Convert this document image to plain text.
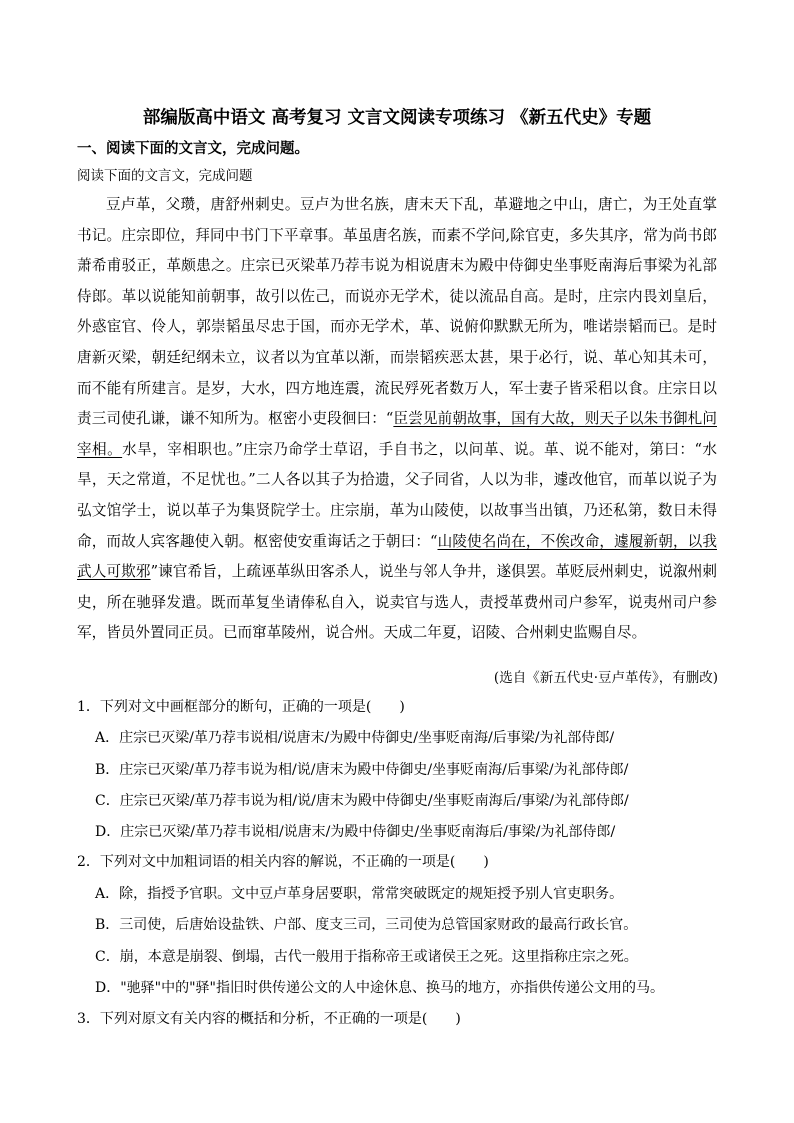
部编版高中语文 高考复习 文言文阅读专项练习 《新五代史》专题
一、阅读下面的文言文，完成问题。
阅读下面的文言文，完成问题

豆卢革，父瓒，唐舒州刺史。豆卢为世名族，唐末天下乱，革避地之中山，唐亡，为王处直掌书记。庄宗即位，拜同中书门下平章事。革虽唐名族，而素不学问,除官吏，多失其序，常为尚书郎萧希甫驳正，革颇患之。庄宗已灭梁革乃荐韦说为相说唐末为殿中侍御史坐事贬南海后事梁为礼部侍郎。革以说能知前朝事，故引以佐己，而说亦无学术，徒以流品自高。是时，庄宗内畏刘皇后，外惑宦官、伶人，郭崇韬虽尽忠于国，而亦无学术，革、说俯仰默默无所为，唯诺崇韬而已。是时唐新灭梁，朝廷纪纲未立，议者以为宜革以渐，而崇韬疾恶太甚，果于必行，说、革心知其未可，而不能有所建言。是岁，大水，四方地连震，流民殍死者数万人，军士妻子皆采稆以食。庄宗日以责三司使孔谦，谦不知所为。枢密小吏段徊曰：“臣尝见前朝故事，国有大故，则天子以朱书御札问宰相。水旱，宰相职也。”庄宗乃命学士草诏，手自书之，以问革、说。革、说不能对，第曰：“水旱，天之常道，不足忧也。”二人各以其子为拾遗，父子同省，人以为非，遽改他官，而革以说子为弘文馆学士，说以革子为集贤院学士。庄宗崩，革为山陵使，以故事当出镇，乃还私第，数日未得命，而故人宾客趣使入朝。枢密使安重诲话之于朝曰：“山陵使名尚在，不俟改命，遽履新朝，以我武人可欺邪”谏官希旨，上疏诬革纵田客杀人，说坐与邻人争井，遂俱罢。革贬辰州刺史，说溆州刺史，所在驰驿发遣。既而革复坐请俸私自入，说卖官与选人，责授革费州司户参军，说夷州司户参军，皆员外置同正员。已而窜革陵州，说合州。天成二年夏，诏陵、合州刺史监赐自尽。

(选自《新五代史·豆卢革传》，有删改)
1．下列对文中画框部分的断句，正确的一项是(　　)
A．庄宗已灭梁/革乃荐韦说相/说唐末/为殿中侍御史/坐事贬南海/后事梁/为礼部侍郎/
B．庄宗已灭梁/革乃荐韦说为相/说/唐末为殿中侍御史/坐事贬南海/后事梁/为礼部侍郎/
C．庄宗已灭梁/革乃荐韦说为相/说/唐末为殿中侍御史/坐事贬南海后/事梁/为礼部侍郎/
D．庄宗已灭梁/革乃荐韦说相/说唐末/为殿中侍御史/坐事贬南海后/事梁/为礼部侍郎/
2．下列对文中加粗词语的相关内容的解说，不正确的一项是(　　)
A．除，指授予官职。文中豆卢革身居要职，常常突破既定的规矩授予别人官吏职务。
B．三司使，后唐始设盐铁、户部、度支三司，三司使为总管国家财政的最高行政长官。
C．崩，本意是崩裂、倒塌，古代一般用于指称帝王或诸侯王之死。这里指称庄宗之死。
D．"驰驿"中的"驿"指旧时供传递公文的人中途休息、换马的地方，亦指供传递公文用的马。
3．下列对原文有关内容的概括和分析，不正确的一项是(　　)
